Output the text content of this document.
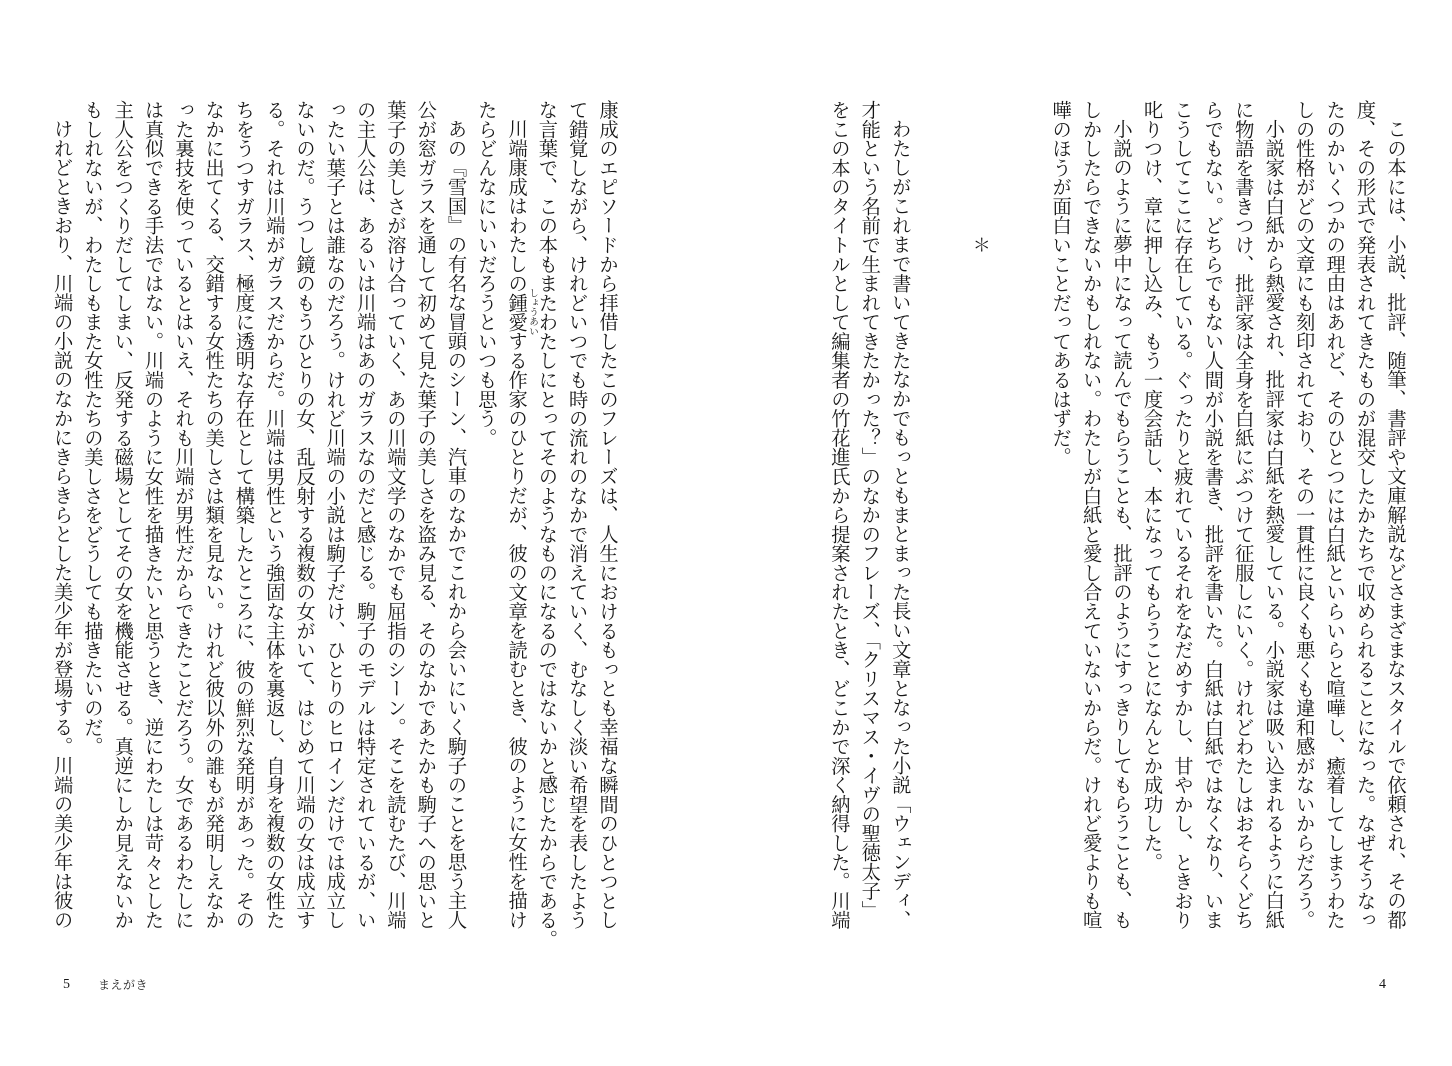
この本には、小説、批評、随筆、書評や文庫解説などさまざまなスタイルで依頼され、その都
度、その形式で発表されてきたものが混交したかたちで収められることになった。なぜそうなっ
たのかいくつかの理由はあれど、そのひとつには白紙といらいらと喧嘩し、癒着してしまうわた
しの性格がどの文章にも刻印されており、その一貫性に良くも悪くも違和感がないからだろう。
小説家は白紙から熱愛され、批評家は白紙を熱愛している。小説家は吸い込まれるように白紙
に物語を書きつけ、批評家は全身を白紙にぶつけて征服しにいく。けれどわたしはおそらくどち
らでもない。どちらでもない人間が小説を書き、批評を書いた。白紙は白紙ではなくなり、いま
こうしてここに存在している。ぐったりと疲れているそれをなだめすかし、甘やかし、ときおり
叱りつけ、章に押し込み、もう一度会話し、本になってもらうことになんとか成功した。
小説のように夢中になって読んでもらうことも、批評のようにすっきりしてもらうことも、も
しかしたらできないかもしれない。わたしが白紙と愛し合えていないからだ。けれど愛よりも喧
嘩のほうが面白いことだってあるはずだ。
＊
わたしがこれまで書いてきたなかでもっともまとまった長い文章となった小説「ウェンディ、
才能という名前で生まれてきたかった？」のなかのフレーズ、「クリスマス・イヴの聖徳太子」
をこの本のタイトルとして編集者の竹花進氏から提案されたとき、どこかで深く納得した。川端
康成のエピソードから拝借したこのフレーズは、人生におけるもっとも幸福な瞬間のひとつとし
て錯覚しながら、けれどいつでも時の流れのなかで消えていく、むなしく淡い希望を表したよう
な言葉で、この本もまたわたしにとってそのようなものになるのではないかと感じたからである。
川端康成はわたしの鍾愛 しょうあい
する作家のひとりだが、彼の文章を読むとき、彼のように女性を描け
たらどんなにいいだろうといつも思う。
あの『雪国』の有名な冒頭のシーン、汽車のなかでこれから会いにいく駒子のことを思う主人
公が窓ガラスを通して初めて見た葉子の美しさを盗み見る、そのなかであたかも駒子への思いと
葉子の美しさが溶け合っていく、あの川端文学のなかでも屈指のシーン。そこを読むたび、川端
の主人公は、あるいは川端はあのガラスなのだと感じる。駒子のモデルは特定されているが、い
ったい葉子とは誰なのだろう。けれど川端の小説は駒子だけ、ひとりのヒロインだけでは成立し
ないのだ。うつし鏡のもうひとりの女、乱反射する複数の女がいて、はじめて川端の女は成立す
る。それは川端がガラスだからだ。川端は男性という強固な主体を裏返し、自身を複数の女性た
ちをうつすガラス、極度に透明な存在として構築したところに、彼の鮮烈な発明があった。その
なかに出てくる、交錯する女性たちの美しさは類を見ない。けれど彼以外の誰もが発明しえなか
った裏技を使っているとはいえ、それも川端が男性だからできたことだろう。女であるわたしに
は真似できる手法ではない。川端のように女性を描きたいと思うとき、逆にわたしは苛々とした
主人公をつくりだしてしまい、反発する磁場としてその女を機能させる。真逆にしか見えないか
もしれないが、わたしもまた女性たちの美しさをどうしても描きたいのだ。
けれどときおり、川端の小説のなかにきらきらとした美少年が登場する。川端の美少年は彼の
5 まえがき	4
